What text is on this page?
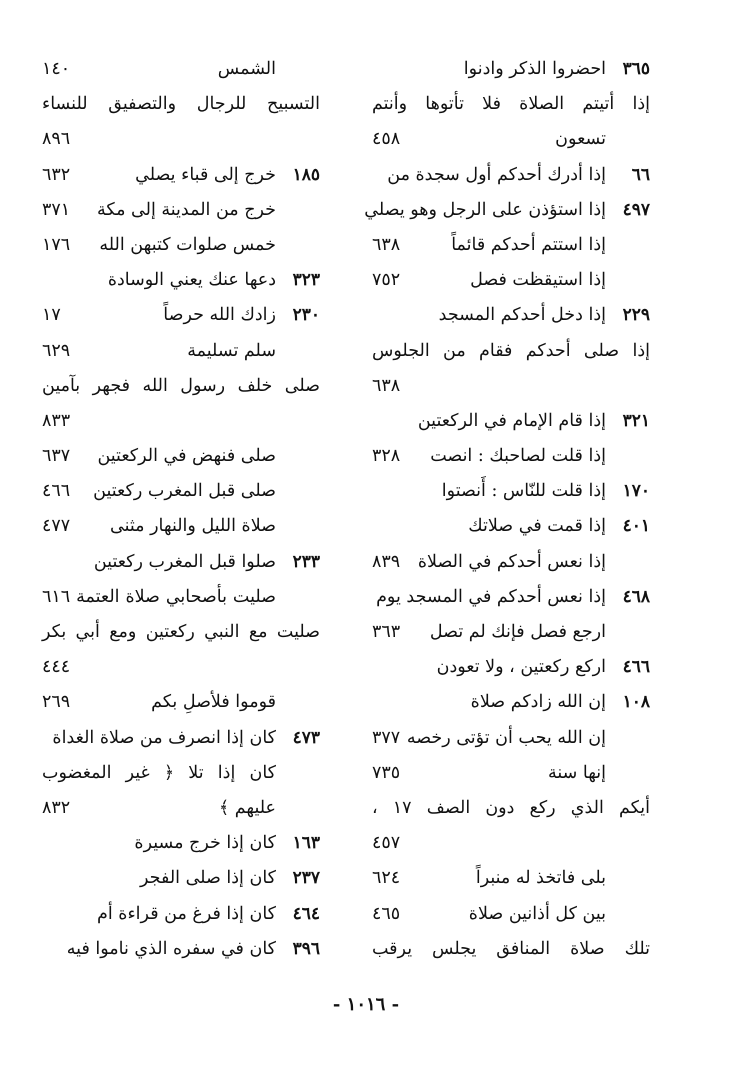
٣٦٥
احضروا الذكر وادنوا
إذا أتيتم الصلاة فلا تأتوها وأنتم
تسعون
٤٥٨
٦٦
إذا أدرك أحدكم أول سجدة من
٤٩٧
إذا استؤذن على الرجل وهو يصلي
إذا استتم أحدكم قائماً
٦٣٨
إذا استيقظت فصل
٧٥٢
٢٢٩
إذا دخل أحدكم المسجد
إذا صلى أحدكم فقام من الجلوس
٦٣٨
٣٢١
إذا قام الإمام في الركعتين
إذا قلت لصاحبك : انصت
٣٢٨
١٧٠
إذا قلت للنّاس : أَنصتوا
٤٠١
إذا قمت في صلاتك
إذا نعس أحدكم في الصلاة
٨٣٩
٤٦٨
إذا نعس أحدكم في المسجد يوم
ارجع فصل فإنك لم تصل
٣٦٣
٤٦٦
اركع ركعتين ، ولا تعودن
١٠٨
إن الله زادكم صلاة
إن الله يحب أن تؤتى رخصه
٣٧٧
إنها سنة
٧٣٥
أيكم الذي ركع دون الصف ١٧ ،
٤٥٧
بلى فاتخذ له منبراً
٦٢٤
بين كل أذانين صلاة
٤٦٥
تلك صلاة المنافق يجلس يرقب
الشمس
١٤٠
التسبيح للرجال والتصفيق للنساء
٨٩٦
١٨٥
خرج إلى قباء يصلي
٦٣٢
خرج من المدينة إلى مكة
٣٧١
خمس صلوات كتبهن الله
١٧٦
٣٢٣
دعها عنك يعني الوسادة
٢٣٠
زادك الله حرصاً
١٧
سلم تسليمة
٦٢٩
صلى خلف رسول الله فجهر بآمين
٨٣٣
صلى فنهض في الركعتين
٦٣٧
صلى قبل المغرب ركعتين
٤٦٦
صلاة الليل والنهار مثنى
٤٧٧
٢٣٣
صلوا قبل المغرب ركعتين
صليت بأصحابي صلاة العتمة ٦١٦
صليت مع النبي ركعتين ومع أبي بكر
٤٤٤
قوموا فلأصلِ بكم
٢٦٩
٤٧٣
كان إذا انصرف من صلاة الغداة
كان إذا تلا ﴿ غير المغضوب
عليهم ﴾
٨٣٢
١٦٣
كان إذا خرج مسيرة
٢٣٧
كان إذا صلى الفجر
٤٦٤
كان إذا فرغ من قراءة أم
٣٩٦
كان في سفره الذي ناموا فيه
- ١٠١٦ -
